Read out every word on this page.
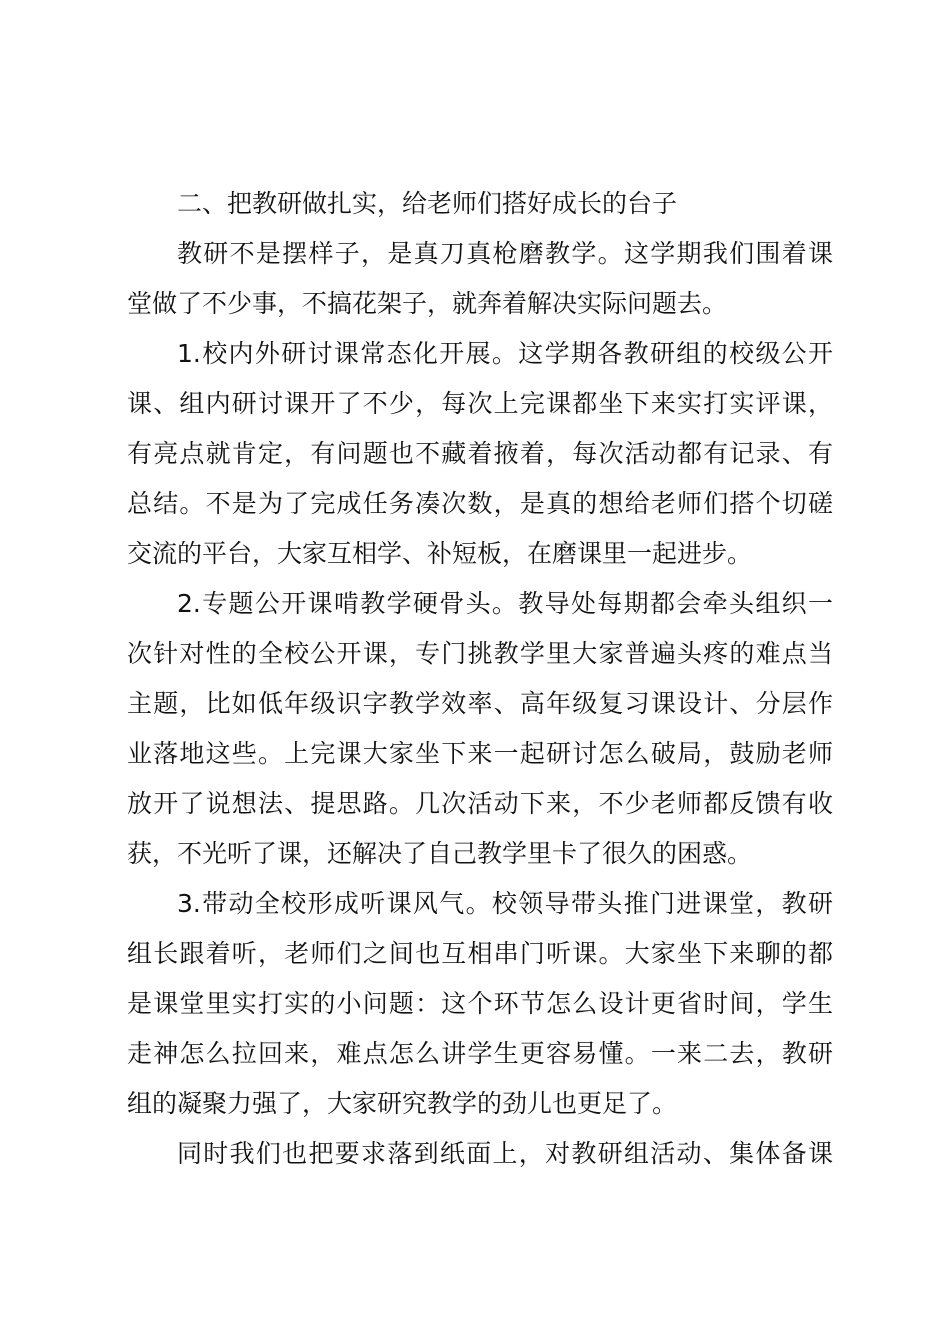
二、把教研做扎实，给老师们搭好成长的台子
教研不是摆样子，是真刀真枪磨教学。这学期我们围着课
堂做了不少事，不搞花架子，就奔着解决实际问题去。
1.校内外研讨课常态化开展。这学期各教研组的校级公开
课、组内研讨课开了不少，每次上完课都坐下来实打实评课，
有亮点就肯定，有问题也不藏着掖着，每次活动都有记录、有
总结。不是为了完成任务凑次数，是真的想给老师们搭个切磋
交流的平台，大家互相学、补短板，在磨课里一起进步。
2.专题公开课啃教学硬骨头。教导处每期都会牵头组织一
次针对性的全校公开课，专门挑教学里大家普遍头疼的难点当
主题，比如低年级识字教学效率、高年级复习课设计、分层作
业落地这些。上完课大家坐下来一起研讨怎么破局，鼓励老师
放开了说想法、提思路。几次活动下来，不少老师都反馈有收
获，不光听了课，还解决了自己教学里卡了很久的困惑。
3.带动全校形成听课风气。校领导带头推门进课堂，教研
组长跟着听，老师们之间也互相串门听课。大家坐下来聊的都
是课堂里实打实的小问题：这个环节怎么设计更省时间，学生
走神怎么拉回来，难点怎么讲学生更容易懂。一来二去，教研
组的凝聚力强了，大家研究教学的劲儿也更足了。
同时我们也把要求落到纸面上，对教研组活动、集体备课
